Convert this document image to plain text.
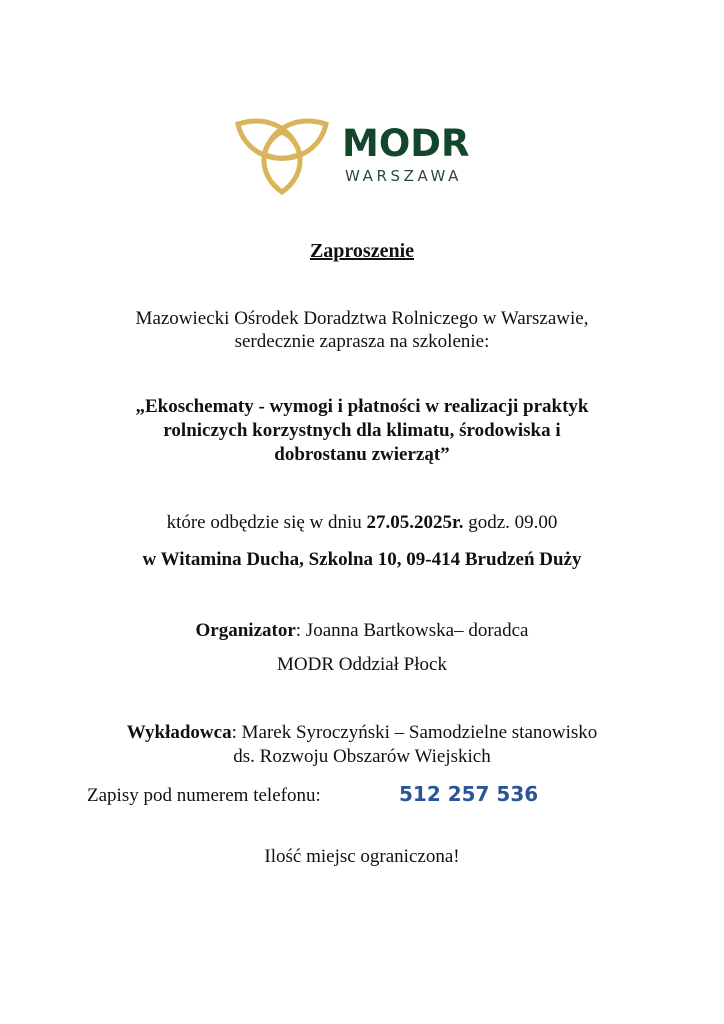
MODR
WARSZAWA
Zaproszenie
Mazowiecki Ośrodek Doradztwa Rolniczego w Warszawie,
serdecznie zaprasza na szkolenie:
„Ekoschematy - wymogi i płatności w realizacji praktyk
rolniczych korzystnych dla klimatu, środowiska i
dobrostanu zwierząt”
które odbędzie się w dniu 27.05.2025r. godz. 09.00
w Witamina Ducha, Szkolna 10, 09-414 Brudzeń Duży
Organizator: Joanna Bartkowska– doradca
MODR Oddział Płock
Wykładowca: Marek Syroczyński – Samodzielne stanowisko
ds. Rozwoju Obszarów Wiejskich
Zapisy pod numerem telefonu:	512 257 536
Ilość miejsc ograniczona!
